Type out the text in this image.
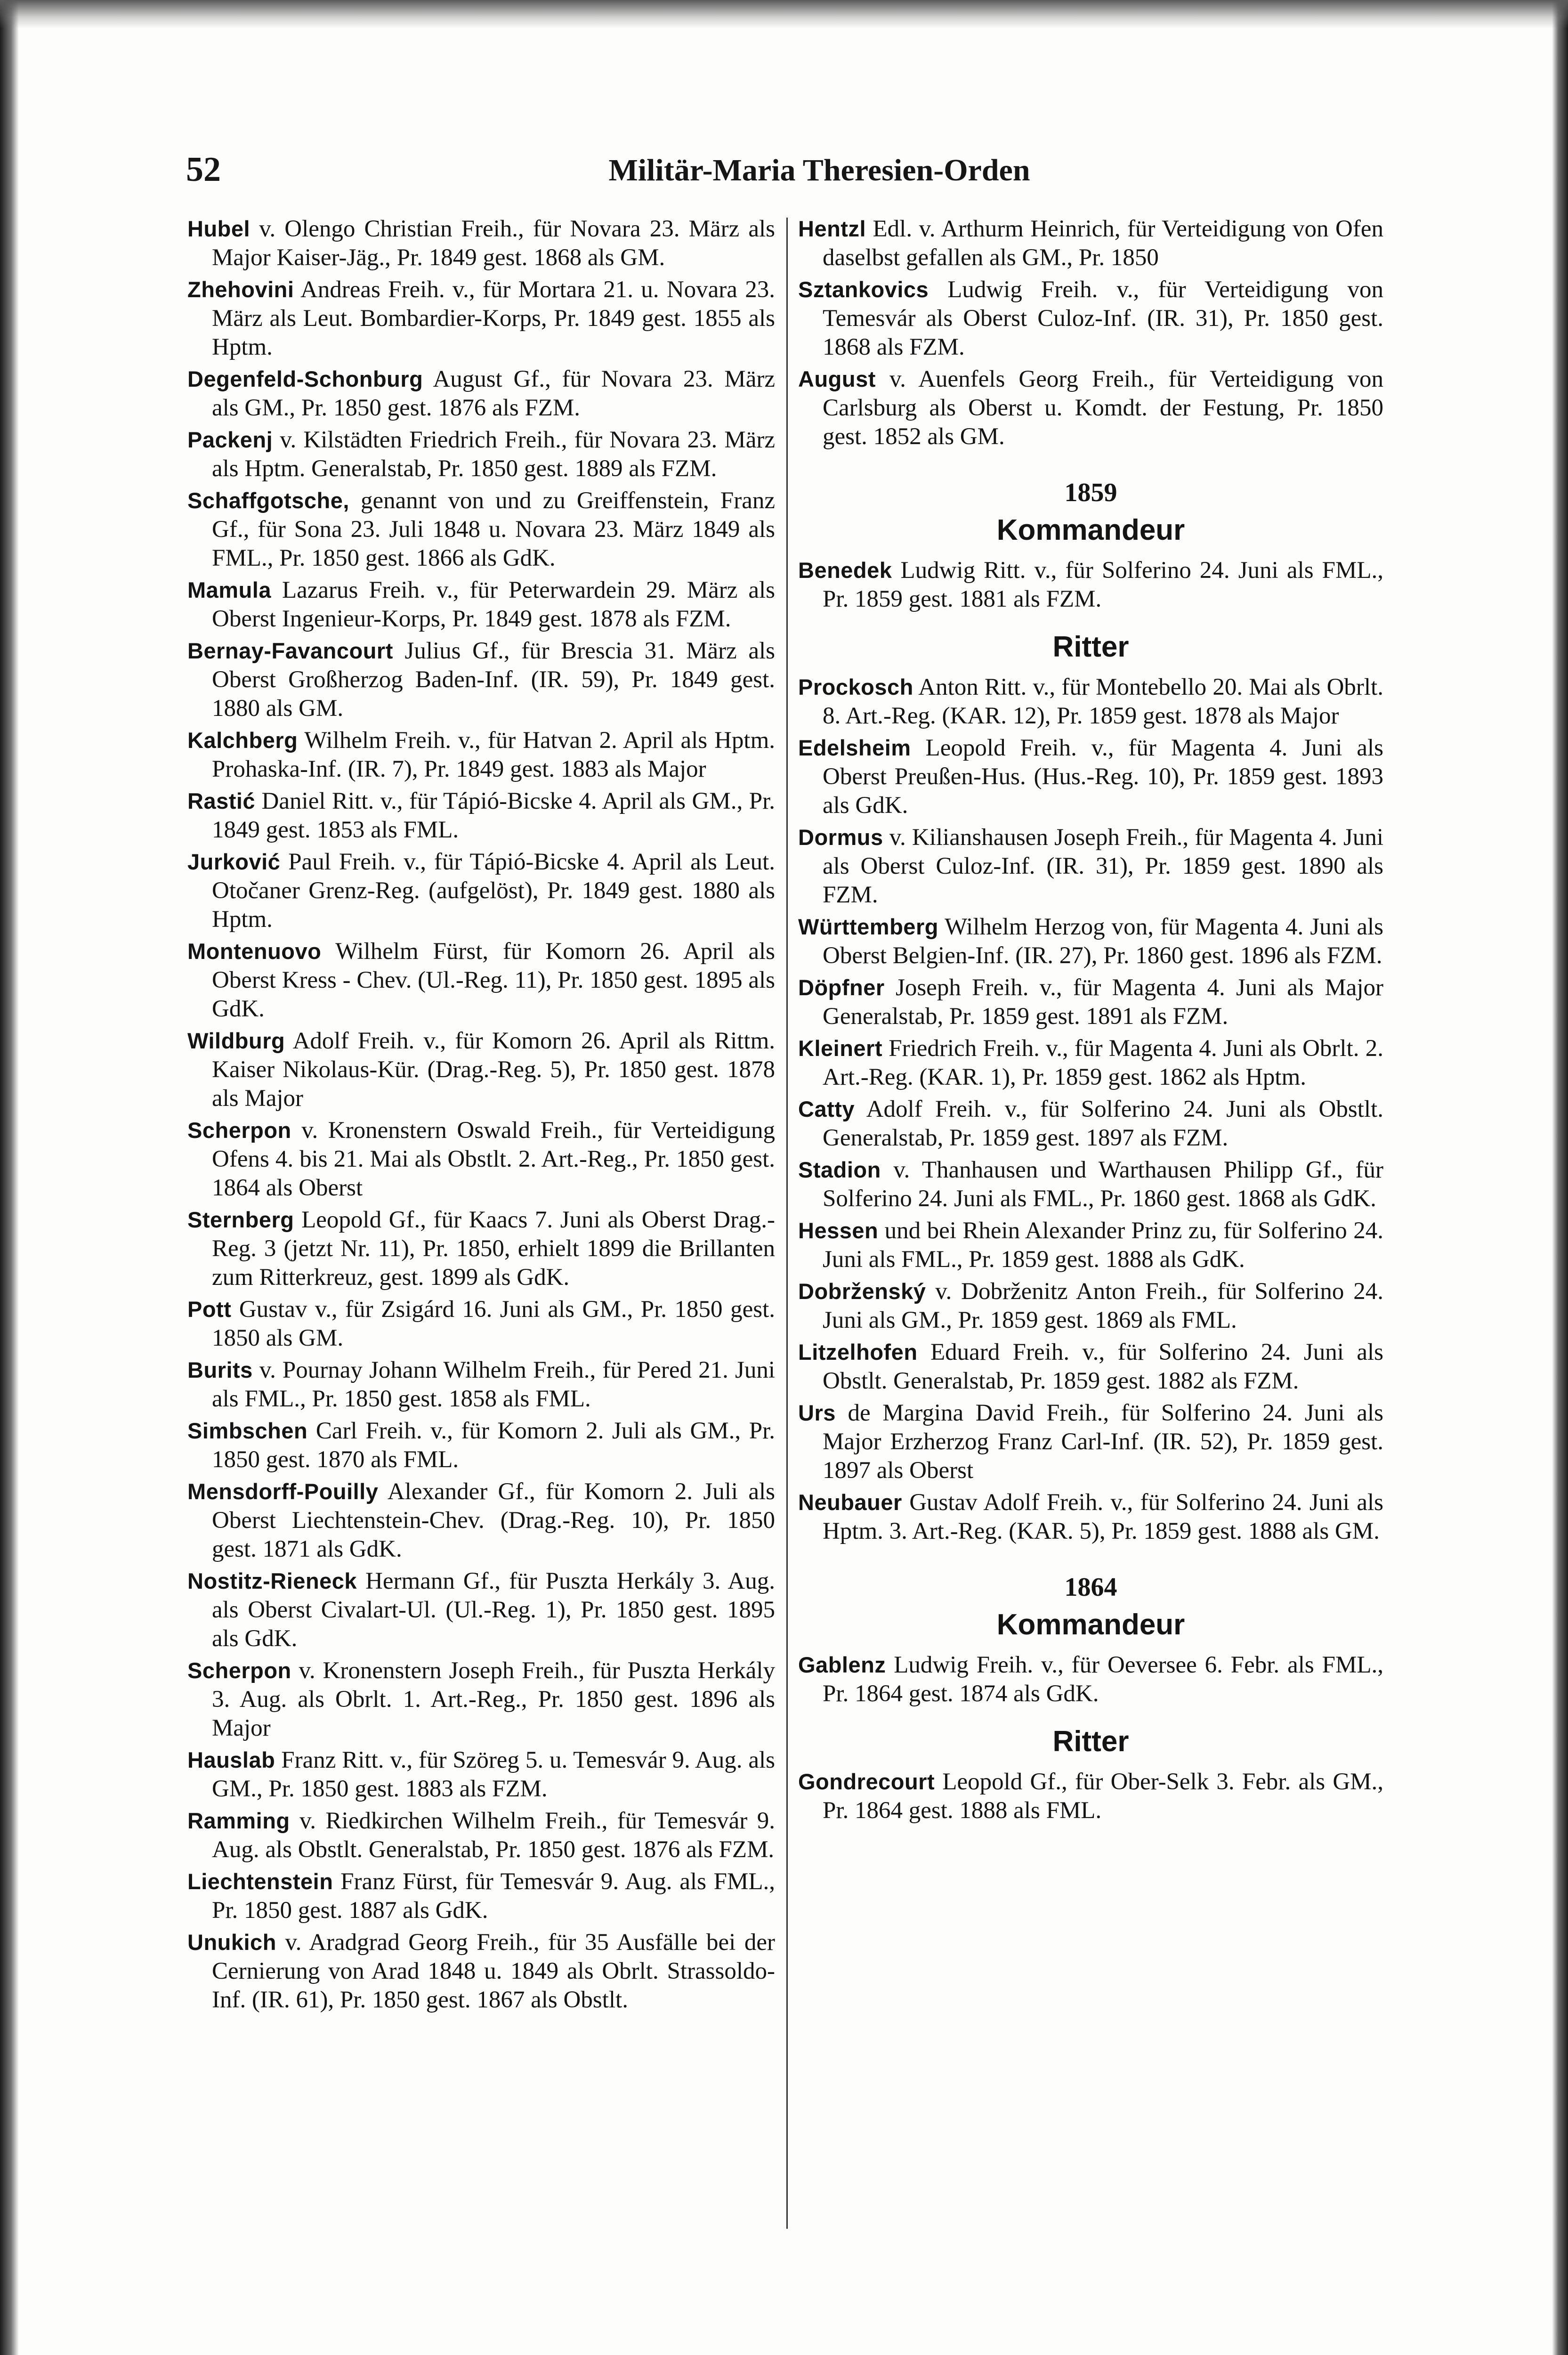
52	Militär-Maria Theresien-Orden

Hubel v. Olengo Christian Freih., für Novara 23. März als Major Kaiser-Jäg., Pr. 1849 gest. 1868 als GM.

Zhehovini Andreas Freih. v., für Mortara 21. u. Novara 23. März als Leut. Bombardier-Korps, Pr. 1849 gest. 1855 als Hptm.

Degenfeld-Schonburg August Gf., für Novara 23. März als GM., Pr. 1850 gest. 1876 als FZM.

Packenj v. Kilstädten Friedrich Freih., für Novara 23. März als Hptm. Generalstab, Pr. 1850 gest. 1889 als FZM.

Schaffgotsche, genannt von und zu Greiffenstein, Franz Gf., für Sona 23. Juli 1848 u. Novara 23. März 1849 als FML., Pr. 1850 gest. 1866 als GdK.

Mamula Lazarus Freih. v., für Peterwardein 29. März als Oberst Ingenieur-Korps, Pr. 1849 gest. 1878 als FZM.

Bernay-Favancourt Julius Gf., für Brescia 31. März als Oberst Großherzog Baden-Inf. (IR. 59), Pr. 1849 gest. 1880 als GM.

Kalchberg Wilhelm Freih. v., für Hatvan 2. April als Hptm. Prohaska-Inf. (IR. 7), Pr. 1849 gest. 1883 als Major

Rastić Daniel Ritt. v., für Tápió-Bicske 4. April als GM., Pr. 1849 gest. 1853 als FML.

Jurković Paul Freih. v., für Tápió-Bicske 4. April als Leut. Otočaner Grenz-Reg. (aufgelöst), Pr. 1849 gest. 1880 als Hptm.

Montenuovo Wilhelm Fürst, für Komorn 26. April als Oberst Kress - Chev. (Ul.-Reg. 11), Pr. 1850 gest. 1895 als GdK.

Wildburg Adolf Freih. v., für Komorn 26. April als Rittm. Kaiser Nikolaus-Kür. (Drag.-Reg. 5), Pr. 1850 gest. 1878 als Major

Scherpon v. Kronenstern Oswald Freih., für Verteidigung Ofens 4. bis 21. Mai als Obstlt. 2. Art.-Reg., Pr. 1850 gest. 1864 als Oberst

Sternberg Leopold Gf., für Kaacs 7. Juni als Oberst Drag.-Reg. 3 (jetzt Nr. 11), Pr. 1850, erhielt 1899 die Brillanten zum Ritterkreuz, gest. 1899 als GdK.

Pott Gustav v., für Zsigárd 16. Juni als GM., Pr. 1850 gest. 1850 als GM.

Burits v. Pournay Johann Wilhelm Freih., für Pered 21. Juni als FML., Pr. 1850 gest. 1858 als FML.

Simbschen Carl Freih. v., für Komorn 2. Juli als GM., Pr. 1850 gest. 1870 als FML.

Mensdorff-Pouilly Alexander Gf., für Komorn 2. Juli als Oberst Liechtenstein-Chev. (Drag.-Reg. 10), Pr. 1850 gest. 1871 als GdK.

Nostitz-Rieneck Hermann Gf., für Puszta Herkály 3. Aug. als Oberst Civalart-Ul. (Ul.-Reg. 1), Pr. 1850 gest. 1895 als GdK.

Scherpon v. Kronenstern Joseph Freih., für Puszta Herkály 3. Aug. als Obrlt. 1. Art.-Reg., Pr. 1850 gest. 1896 als Major

Hauslab Franz Ritt. v., für Szöreg 5. u. Temesvár 9. Aug. als GM., Pr. 1850 gest. 1883 als FZM.

Ramming v. Riedkirchen Wilhelm Freih., für Temesvár 9. Aug. als Obstlt. Generalstab, Pr. 1850 gest. 1876 als FZM.

Liechtenstein Franz Fürst, für Temesvár 9. Aug. als FML., Pr. 1850 gest. 1887 als GdK.

Unukich v. Aradgrad Georg Freih., für 35 Ausfälle bei der Cernierung von Arad 1848 u. 1849 als Obrlt. Strassoldo-Inf. (IR. 61), Pr. 1850 gest. 1867 als Obstlt.

Hentzl Edl. v. Arthurm Heinrich, für Verteidigung von Ofen daselbst gefallen als GM., Pr. 1850

Sztankovics Ludwig Freih. v., für Verteidigung von Temesvár als Oberst Culoz-Inf. (IR. 31), Pr. 1850 gest. 1868 als FZM.

August v. Auenfels Georg Freih., für Verteidigung von Carlsburg als Oberst u. Komdt. der Festung, Pr. 1850 gest. 1852 als GM.

1859
Kommandeur

Benedek Ludwig Ritt. v., für Solferino 24. Juni als FML., Pr. 1859 gest. 1881 als FZM.

Ritter

Prockosch Anton Ritt. v., für Montebello 20. Mai als Obrlt. 8. Art.-Reg. (KAR. 12), Pr. 1859 gest. 1878 als Major

Edelsheim Leopold Freih. v., für Magenta 4. Juni als Oberst Preußen-Hus. (Hus.-Reg. 10), Pr. 1859 gest. 1893 als GdK.

Dormus v. Kilianshausen Joseph Freih., für Magenta 4. Juni als Oberst Culoz-Inf. (IR. 31), Pr. 1859 gest. 1890 als FZM.

Württemberg Wilhelm Herzog von, für Magenta 4. Juni als Oberst Belgien-Inf. (IR. 27), Pr. 1860 gest. 1896 als FZM.

Döpfner Joseph Freih. v., für Magenta 4. Juni als Major Generalstab, Pr. 1859 gest. 1891 als FZM.

Kleinert Friedrich Freih. v., für Magenta 4. Juni als Obrlt. 2. Art.-Reg. (KAR. 1), Pr. 1859 gest. 1862 als Hptm.

Catty Adolf Freih. v., für Solferino 24. Juni als Obstlt. Generalstab, Pr. 1859 gest. 1897 als FZM.

Stadion v. Thanhausen und Warthausen Philipp Gf., für Solferino 24. Juni als FML., Pr. 1860 gest. 1868 als GdK.

Hessen und bei Rhein Alexander Prinz zu, für Solferino 24. Juni als FML., Pr. 1859 gest. 1888 als GdK.

Dobrženský v. Dobrženitz Anton Freih., für Solferino 24. Juni als GM., Pr. 1859 gest. 1869 als FML.

Litzelhofen Eduard Freih. v., für Solferino 24. Juni als Obstlt. Generalstab, Pr. 1859 gest. 1882 als FZM.

Urs de Margina David Freih., für Solferino 24. Juni als Major Erzherzog Franz Carl-Inf. (IR. 52), Pr. 1859 gest. 1897 als Oberst

Neubauer Gustav Adolf Freih. v., für Solferino 24. Juni als Hptm. 3. Art.-Reg. (KAR. 5), Pr. 1859 gest. 1888 als GM.

1864
Kommandeur

Gablenz Ludwig Freih. v., für Oeversee 6. Febr. als FML., Pr. 1864 gest. 1874 als GdK.

Ritter

Gondrecourt Leopold Gf., für Ober-Selk 3. Febr. als GM., Pr. 1864 gest. 1888 als FML.
